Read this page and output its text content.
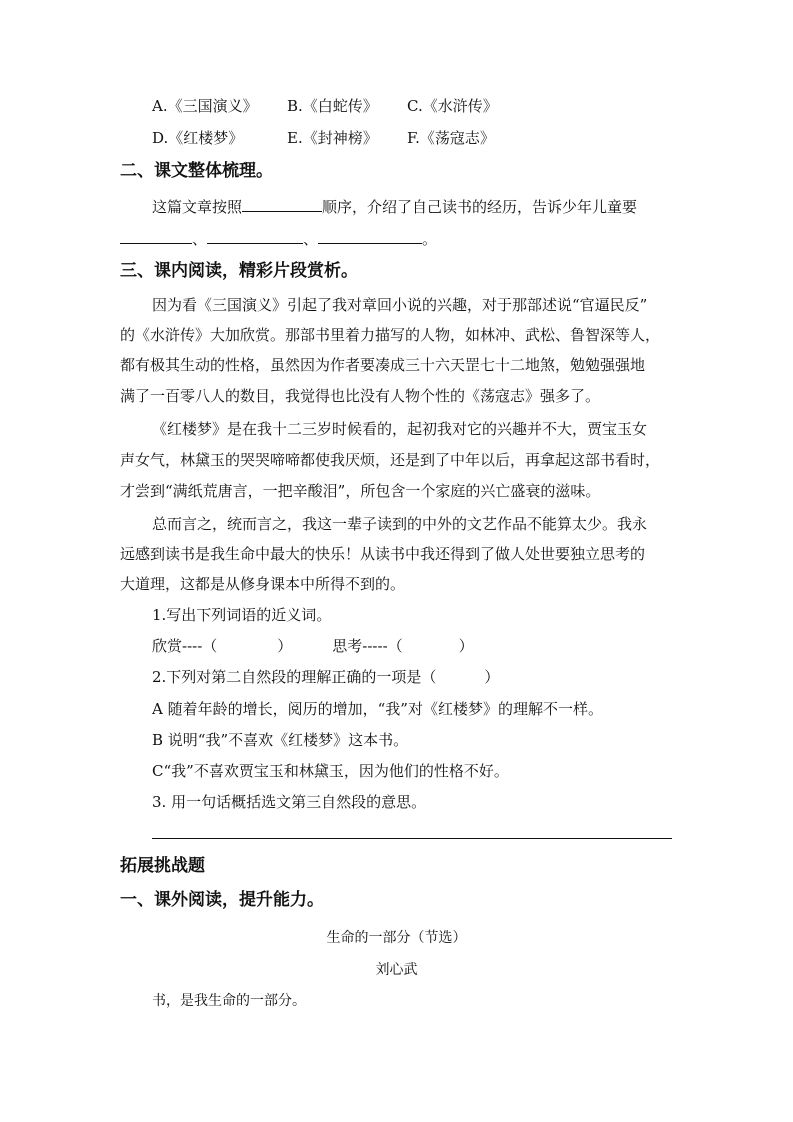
A.《三国演义》 B.《白蛇传》 C.《水浒传》
D.《红楼梦》	E.《封神榜》 F.《荡寇志》
二、课文整体梳理。
这篇文章按照	顺序，介绍了自己读书的经历，告诉少年儿童要
、	、	。
三、课内阅读，精彩片段赏析。
因为看《三国演义》引起了我对章回小说的兴趣，对于那部述说“官逼民反”
的《水浒传》大加欣赏。那部书里着力描写的人物，如林冲、武松、鲁智深等人，
都有极其生动的性格，虽然因为作者要凑成三十六天罡七十二地煞，勉勉强强地
满了一百零八人的数目，我觉得也比没有人物个性的《荡寇志》强多了。
《红楼梦》是在我十二三岁时候看的，起初我对它的兴趣并不大，贾宝玉女
声女气，林黛玉的哭哭啼啼都使我厌烦，还是到了中年以后，再拿起这部书看时，
才尝到“满纸荒唐言，一把辛酸泪”，所包含一个家庭的兴亡盛衰的滋味。
总而言之，统而言之，我这一辈子读到的中外的文艺作品不能算太少。我永
远感到读书是我生命中最大的快乐！从读书中我还得到了做人处世要独立思考的
大道理，这都是从修身课本中所得不到的。
1.写出下列词语的近义词。
欣赏----（	）	思考-----（	）
2.下列对第二自然段的理解正确的一项是（	）
A 随着年龄的增长，阅历的增加，“我”对《红楼梦》的理解不一样。
B 说明“我”不喜欢《红楼梦》这本书。
C“我”不喜欢贾宝玉和林黛玉，因为他们的性格不好。
3. 用一句话概括选文第三自然段的意思。
拓展挑战题
一、课外阅读，提升能力。
生命的一部分（节选）
刘心武
书，是我生命的一部分。
